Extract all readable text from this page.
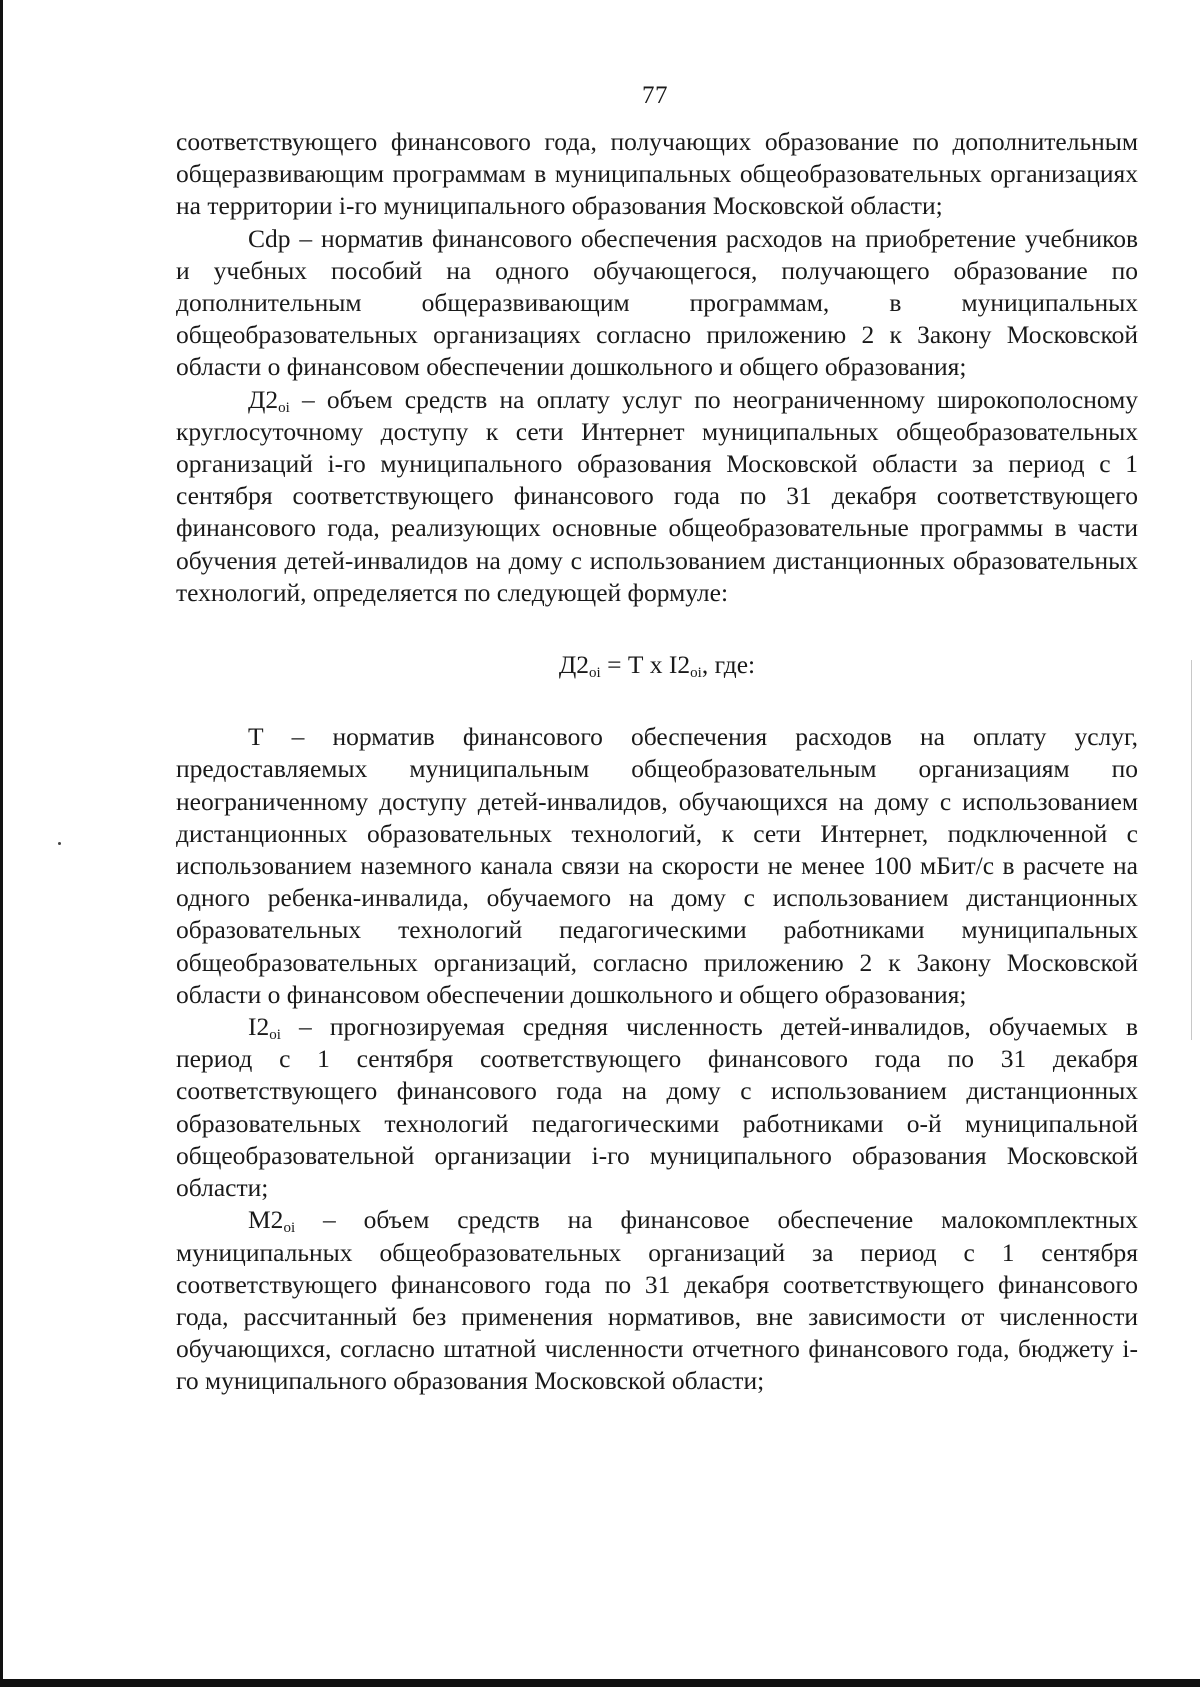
77

соответствующего финансового года, получающих образование по дополнительным общеразвивающим программам в муниципальных общеобразовательных организациях на территории i-го муниципального образования Московской области;

Cdp – норматив финансового обеспечения расходов на приобретение учебников и учебных пособий на одного обучающегося, получающего образование по дополнительным общеразвивающим программам, в муниципальных общеобразовательных организациях согласно приложению 2 к Закону Московской области о финансовом обеспечении дошкольного и общего образования;

$Д2_{oi}$ – объем средств на оплату услуг по неограниченному широкополосному круглосуточному доступу к сети Интернет муниципальных общеобразовательных организаций i-го муниципального образования Московской области за период с 1 сентября соответствующего финансового года по 31 декабря соответствующего финансового года, реализующих основные общеобразовательные программы в части обучения детей-инвалидов на дому с использованием дистанционных образовательных технологий, определяется по следующей формуле:

$Д2_{oi} = Т$ х $I2_{oi}$, где:

Т – норматив финансового обеспечения расходов на оплату услуг, предоставляемых муниципальным общеобразовательным организациям по неограниченному доступу детей-инвалидов, обучающихся на дому с использованием дистанционных образовательных технологий, к сети Интернет, подключенной с использованием наземного канала связи на скорости не менее 100 мБит/с в расчете на одного ребенка-инвалида, обучаемого на дому с использованием дистанционных образовательных технологий педагогическими работниками муниципальных общеобразовательных организаций, согласно приложению 2 к Закону Московской области о финансовом обеспечении дошкольного и общего образования;

$I2_{oi}$ – прогнозируемая средняя численность детей-инвалидов, обучаемых в период с 1 сентября соответствующего финансового года по 31 декабря соответствующего финансового года на дому с использованием дистанционных образовательных технологий педагогическими работниками о-й муниципальной общеобразовательной организации i-го муниципального образования Московской области;

$М2_{oi}$ – объем средств на финансовое обеспечение малокомплектных муниципальных общеобразовательных организаций за период с 1 сентября соответствующего финансового года по 31 декабря соответствующего финансового года, рассчитанный без применения нормативов, вне зависимости от численности обучающихся, согласно штатной численности отчетного финансового года, бюджету i-го муниципального образования Московской области;
